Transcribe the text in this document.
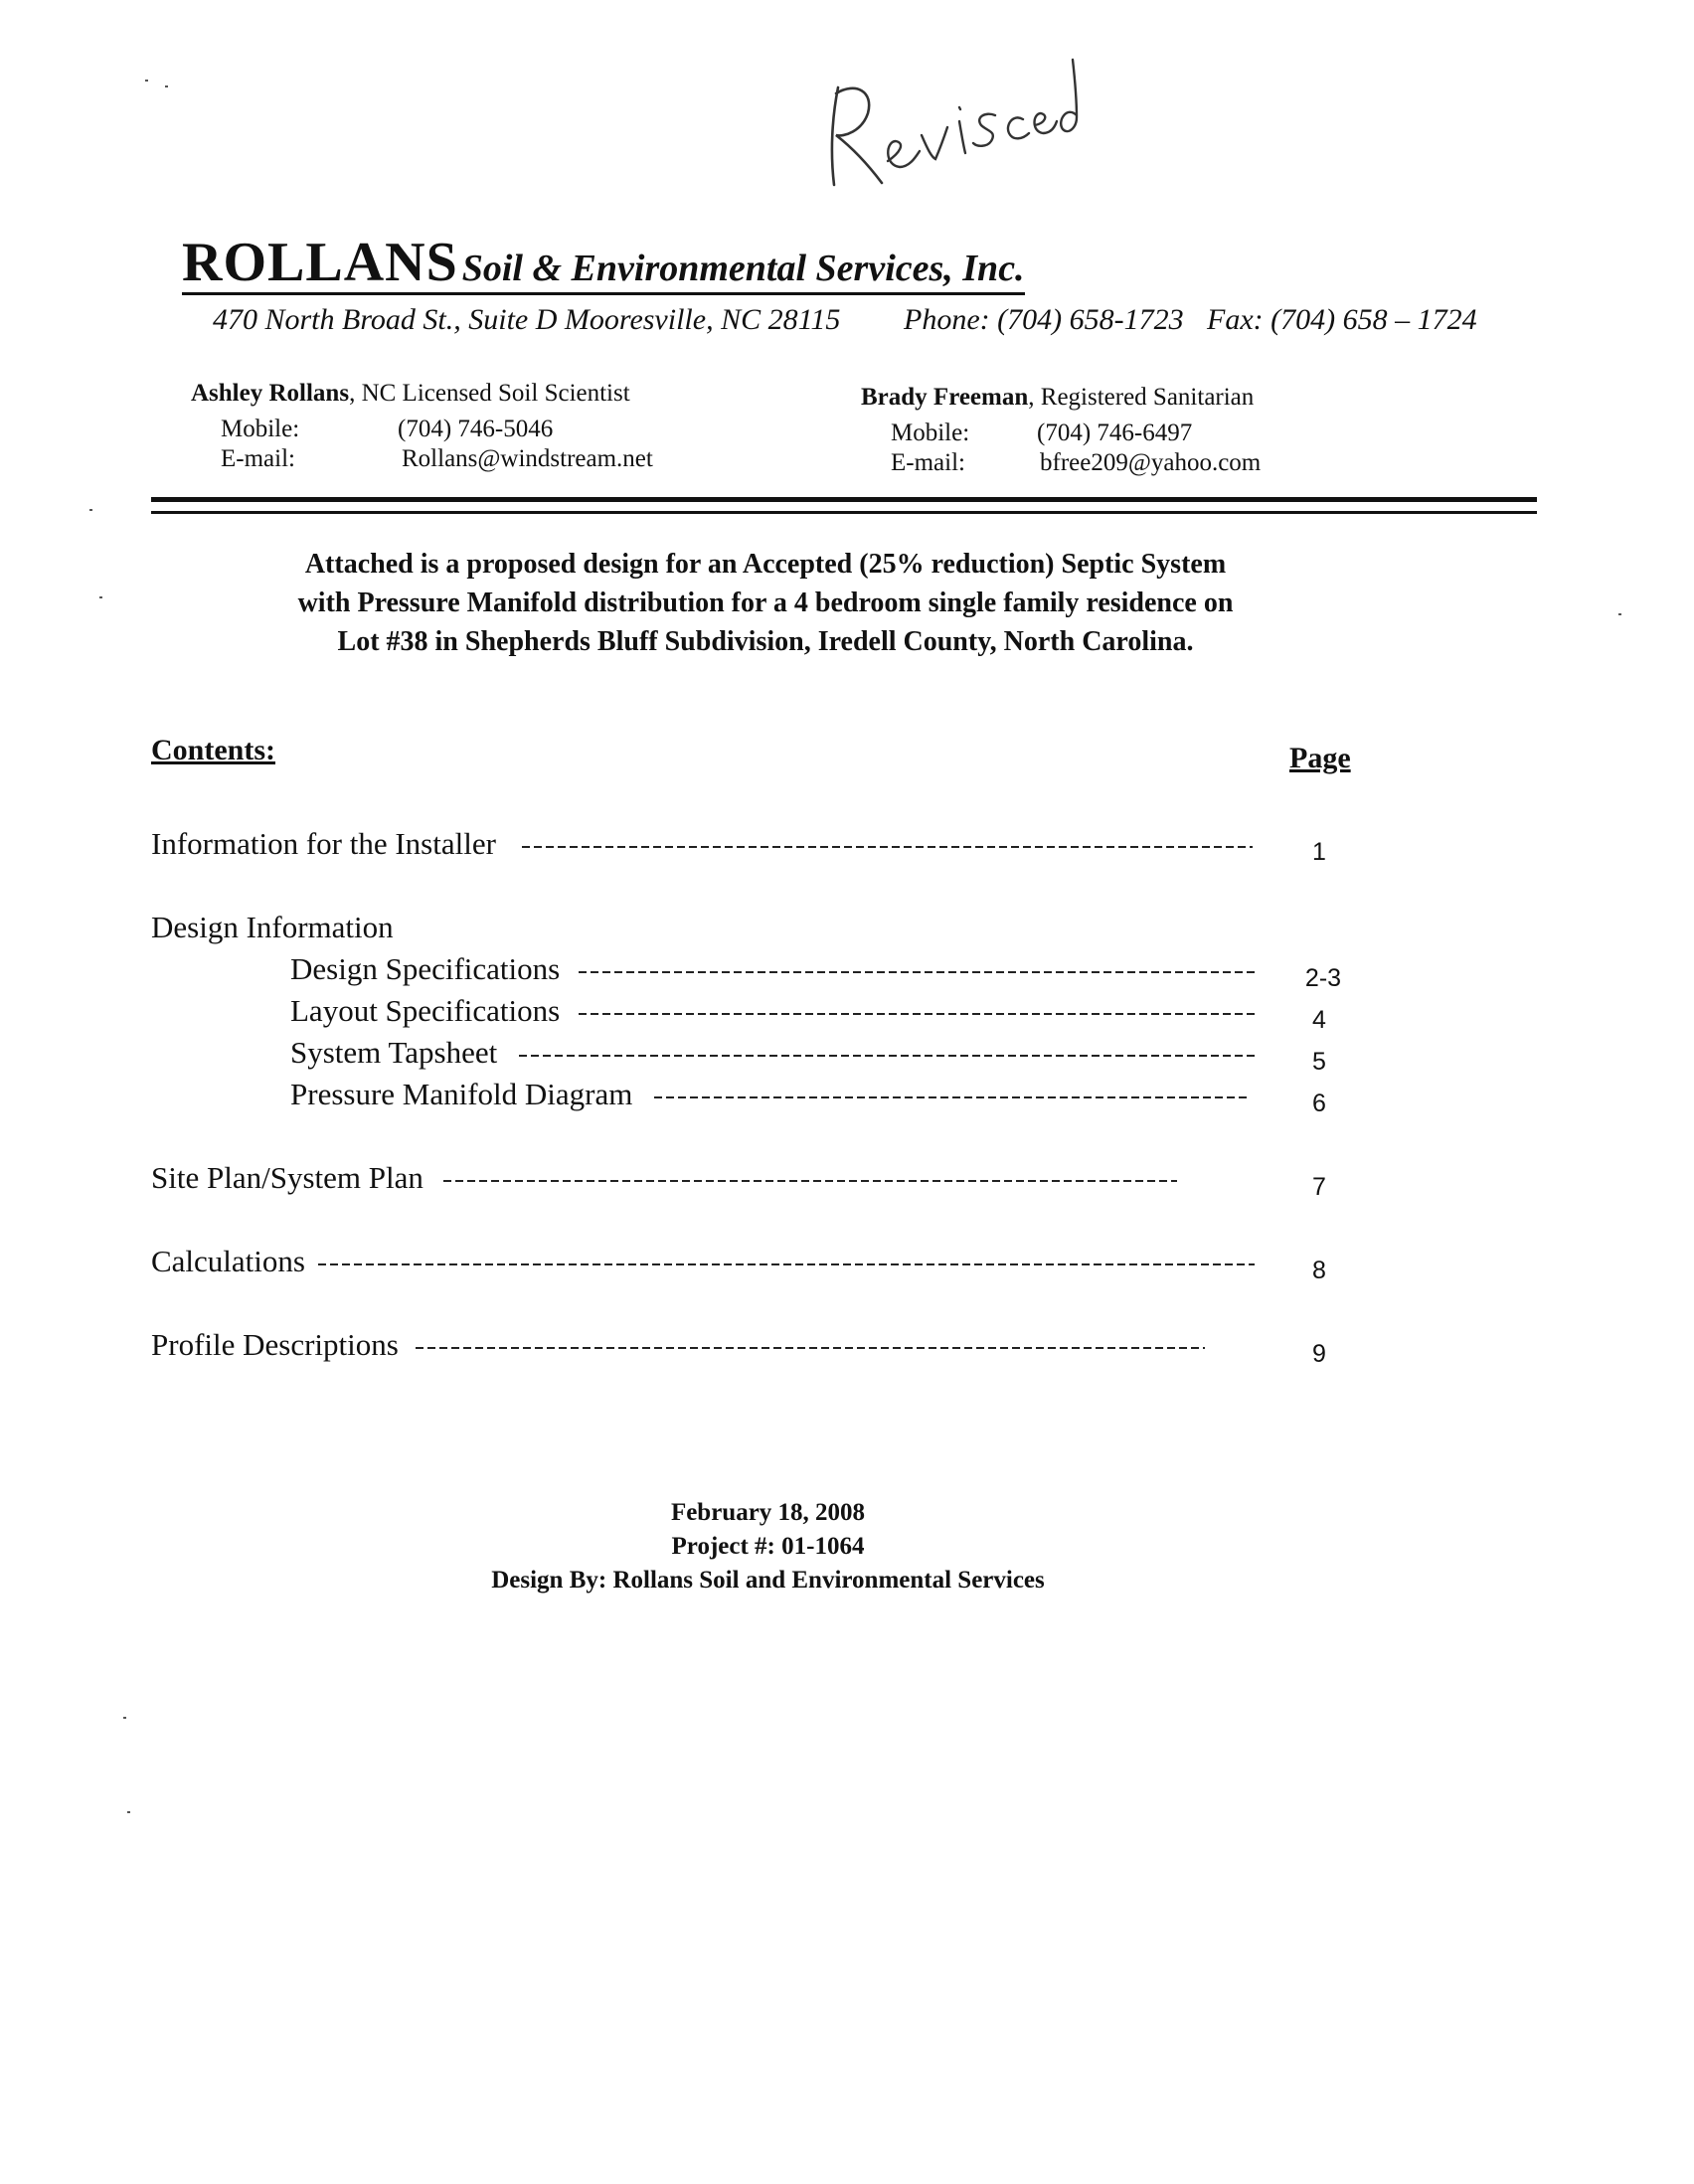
ROLLANS Soil & Environmental Services, Inc.
470 North Broad St., Suite D Mooresville, NC 28115 Phone: (704) 658-1723 Fax: (704) 658 – 1724
Ashley Rollans, NC Licensed Soil Scientist
Mobile:	(704) 746-5046
E-mail:	Rollans@windstream.net
Brady Freeman, Registered Sanitarian
Mobile:	(704) 746-6497
E-mail:	bfree209@yahoo.com
Attached is a proposed design for an Accepted (25% reduction) Septic System
with Pressure Manifold distribution for a 4 bedroom single family residence on
Lot #38 in Shepherds Bluff Subdivision, Iredell County, North Carolina.
Contents:	Page
Information for the Installer	1
Design Information
Design Specifications	2-3
Layout Specifications	4
System Tapsheet	5
Pressure Manifold Diagram	6
Site Plan/System Plan	7
Calculations	8
Profile Descriptions	9
February 18, 2008
Project #: 01-1064
Design By: Rollans Soil and Environmental Services
